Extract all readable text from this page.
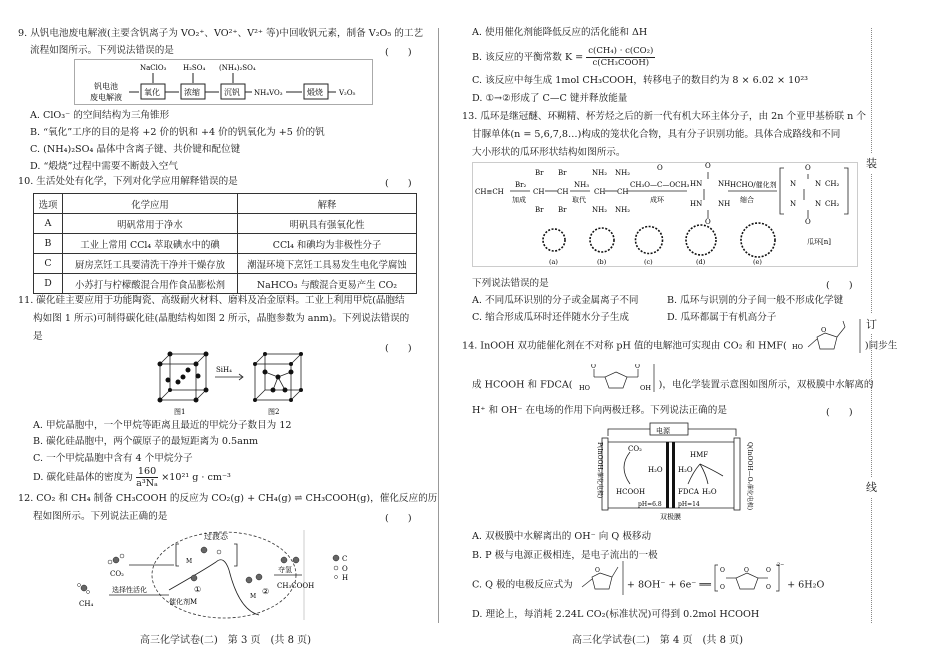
装
订
线
9. 从钒电池废电解液(主要含钒离子为 VO₂⁺、VO²⁺、V²⁺ 等)中回收钒元素，制备 V₂O₅ 的工艺
流程如图所示。下列说法错误的是	(　　)
钒电池
废电解液
NaClO₃ H₂SO₄ (NH₄)₂SO₄
氧化	浓缩	沉钒 NH₄VO₃	煅烧 V₂O₅
A. ClO₃⁻ 的空间结构为三角锥形
B. “氧化”工序的目的是将 +2 价的钒和 +4 价的钒氧化为 +5 价的钒
C. (NH₄)₂SO₄ 晶体中含离子键、共价键和配位键
D. “煅烧”过程中需要不断鼓入空气
10. 生活处处有化学，下列对化学应用解释错误的是	(　　)
选项	化学应用	解释
A	明矾常用于净水	明矾具有强氧化性
B	工业上常用 CCl₄ 萃取碘水中的碘	CCl₄ 和碘均为非极性分子
C	厨房烹饪工具要清洗干净并干燥存放	潮湿环境下烹饪工具易发生电化学腐蚀
D	小苏打与柠檬酸混合用作食品膨松剂	NaHCO₃ 与酸混合更易产生 CO₂
11. 碳化硅主要应用于功能陶瓷、高级耐火材料、磨料及冶金原料。工业上利用甲烷(晶胞结
构如图 1 所示)可制得碳化硅(晶胞结构如图 2 所示，晶胞参数为 anm)。下列说法错误的
是
(　　)
SiH₄
图1	图2
A. 甲烷晶胞中，一个甲烷等距离且最近的甲烷分子数目为 12
B. 碳化硅晶胞中，两个碳原子的最短距离为 0.5anm
C. 一个甲烷晶胞中含有 4 个甲烷分子
D. 碳化硅晶体的密度为 $\frac{160}{\text{a³Nₐ}} \times 10^{21}$ g · cm⁻³
12. CO₂ 和 CH₄ 制备 CH₃COOH 的反应为 CO₂(g) + CH₄(g) ⇌ CH₃COOH(g)，催化反应的历
程如图所示。下列说法正确的是	(　　)
过渡态
M
CO₂
CH₄
选择性活化
催化剂M
①
M
②
夺氢
CH₃COOH
C
O
H
高三化学试卷(二)　第 3 页　(共 8 页)
A. 使用催化剂能降低反应的活化能和 ΔH
B. 该反应的平衡常数 $K = \frac{\text{c(CH₄) · c(CO₂)}}{\text{c(CH₃COOH)}}$
C. 该反应中每生成 1mol CH₃COOH，转移电子的数目约为 8 × 6.02 × 10²³
D. ①→②形成了 C—C 键并释放能量
13. 瓜环是继冠醚、环糊精、杯芳烃之后的新一代有机大环主体分子，由 2n 个亚甲基桥联 n 个
甘脲单体(n = 5,6,7,8…)构成的笼状化合物，具有分子识别功能。具体合成路线和不同
大小形状的瓜环形状结构如图所示。
CH≡CH
Br₂
加成
Br Br
CH CH
Br Br
NH₃
取代
NH₂ NH₂
CH CH
NH₂ NH₂
O
CH₃O—C—OCH₃
成环
O
HN NH
HN NH
O
HCHO/催化剂
缩合
O
N	N CH₂
N	N CH₂
O
瓜环[n]
(a)	(b)	(c)	(d)	(e)
下列说法错误的是	(　　)
A. 不同瓜环识别的分子或金属离子不同	B. 瓜环与识别的分子间一般不形成化学键
C. 缩合形成瓜环时还伴随水分子生成	D. 瓜环都属于有机高分子
14. InOOH 双功能催化剂在不对称 pH 值的电解池可实现由 CO₂ 和 HMF( HO
O
)同步生
成 HCOOH 和 FDCA( HO	OH
O	O
)，电化学装置示意图如图所示，双极膜中水解离的
H⁺ 和 OH⁻ 在电场的作用下向两极迁移。下列说法正确的是	(　　)
电源
CO₂
HCOOH
H₂O H₂O
HMF
FDCA H₂O
pH=6.8	pH=14
双极膜
P(InOOHᵥ催化电极)	Q(InOOH—Oᵥ催化电极)
A. 双极膜中水解离出的 OH⁻ 向 Q 极移动
B. P 极与电源正极相连，是电子流出的一极
C. Q 极的电极反应式为
O
+ 8OH⁻ + 6e⁻ ══
O	O
O	O
O
2−
+ 6H₂O
D. 理论上，每消耗 2.24L CO₂(标准状况)可得到 0.2mol HCOOH
高三化学试卷(二)　第 4 页　(共 8 页)
